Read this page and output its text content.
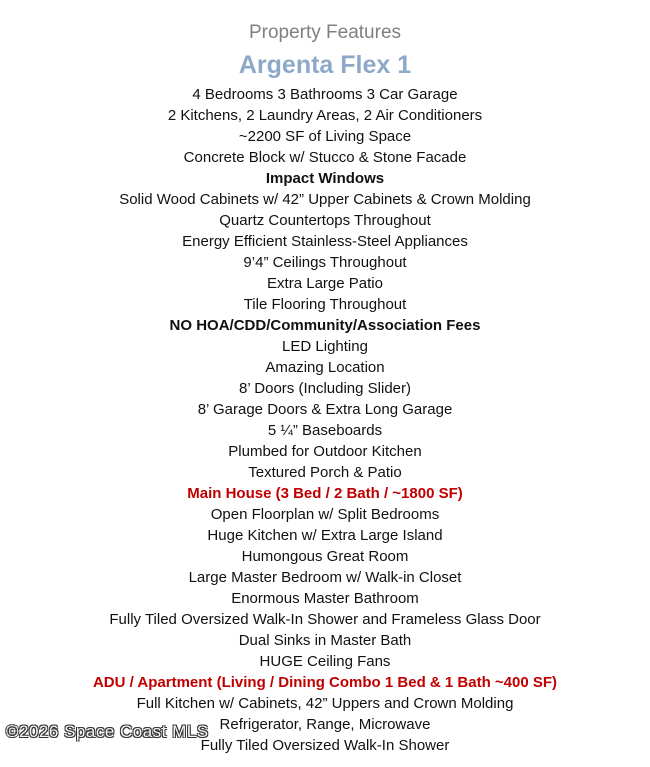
Property Features
Argenta Flex 1
4 Bedrooms 3 Bathrooms 3 Car Garage
2 Kitchens, 2 Laundry Areas, 2 Air Conditioners
~2200 SF of Living Space
Concrete Block w/ Stucco & Stone Facade
Impact Windows
Solid Wood Cabinets w/ 42” Upper Cabinets & Crown Molding
Quartz Countertops Throughout
Energy Efficient Stainless-Steel Appliances
9’4” Ceilings Throughout
Extra Large Patio
Tile Flooring Throughout
NO HOA/CDD/Community/Association Fees
LED Lighting
Amazing Location
8’ Doors (Including Slider)
8’ Garage Doors & Extra Long Garage
5 ¼” Baseboards
Plumbed for Outdoor Kitchen
Textured Porch & Patio
Main House (3 Bed / 2 Bath / ~1800 SF)
Open Floorplan w/ Split Bedrooms
Huge Kitchen w/ Extra Large Island
Humongous Great Room
Large Master Bedroom w/ Walk-in Closet
Enormous Master Bathroom
Fully Tiled Oversized Walk-In Shower and Frameless Glass Door
Dual Sinks in Master Bath
HUGE Ceiling Fans
ADU / Apartment (Living / Dining Combo 1 Bed & 1 Bath ~400 SF)
Full Kitchen w/ Cabinets, 42” Uppers and Crown Molding
Refrigerator, Range, Microwave
Fully Tiled Oversized Walk-In Shower
©2026 Space Coast MLS
